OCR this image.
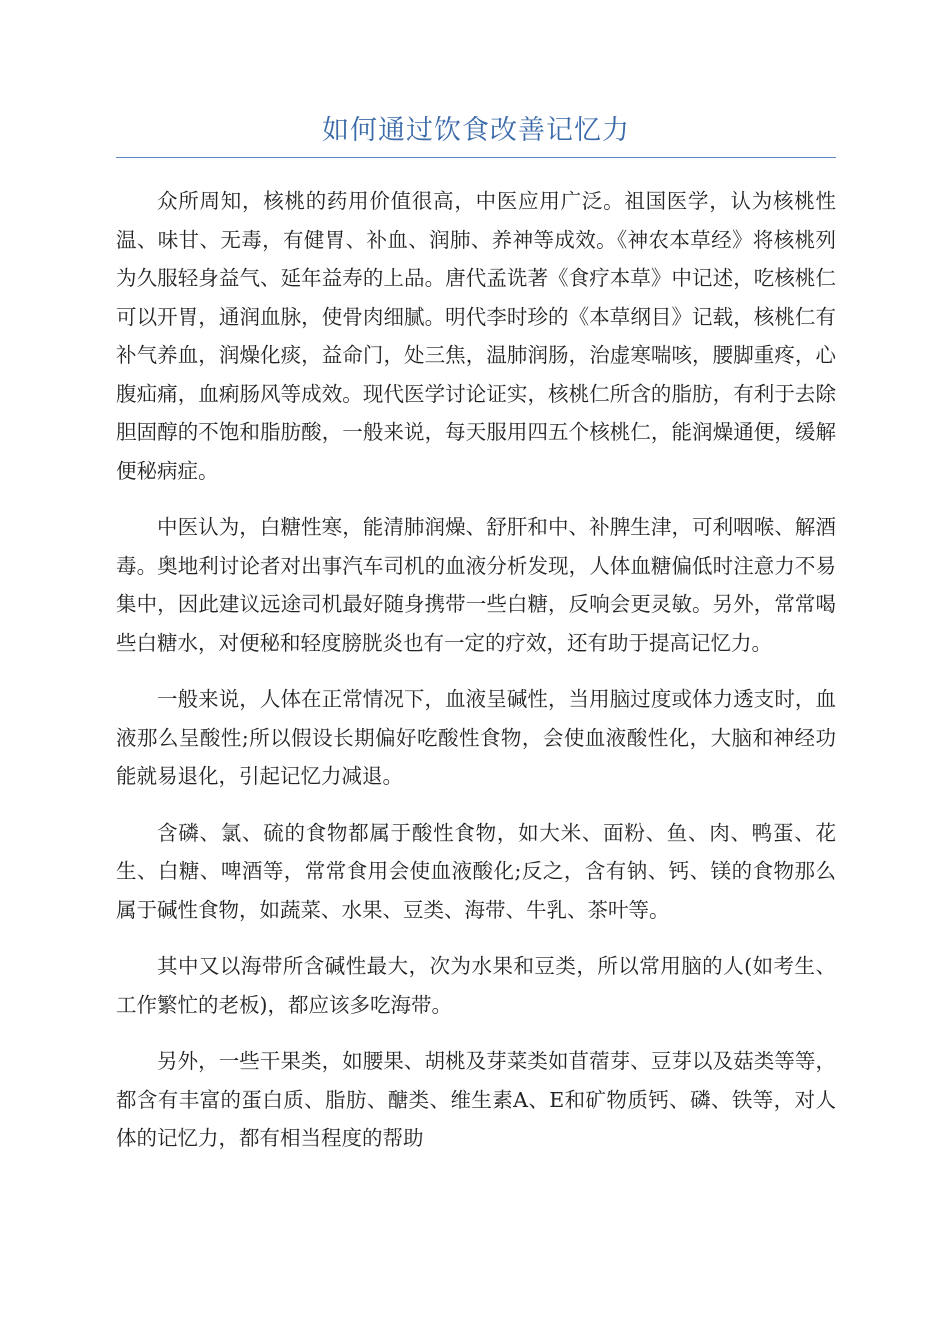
如何通过饮食改善记忆力

众所周知，核桃的药用价值很高，中医应用广泛。祖国医学，认为核桃性温、味甘、无毒，有健胃、补血、润肺、养神等成效。《神农本草经》将核桃列为久服轻身益气、延年益寿的上品。唐代孟诜著《食疗本草》中记述，吃核桃仁可以开胃，通润血脉，使骨肉细腻。明代李时珍的《本草纲目》记载，核桃仁有补气养血，润燥化痰，益命门，处三焦，温肺润肠，治虚寒喘咳，腰脚重疼，心腹疝痛，血痢肠风等成效。现代医学讨论证实，核桃仁所含的脂肪，有利于去除胆固醇的不饱和脂肪酸，一般来说，每天服用四五个核桃仁，能润燥通便，缓解便秘病症。

中医认为，白糖性寒，能清肺润燥、舒肝和中、补脾生津，可利咽喉、解酒毒。奥地利讨论者对出事汽车司机的血液分析发现，人体血糖偏低时注意力不易集中，因此建议远途司机最好随身携带一些白糖，反响会更灵敏。另外，常常喝些白糖水，对便秘和轻度膀胱炎也有一定的疗效，还有助于提高记忆力。

一般来说，人体在正常情况下，血液呈碱性，当用脑过度或体力透支时，血液那么呈酸性;所以假设长期偏好吃酸性食物，会使血液酸性化，大脑和神经功能就易退化，引起记忆力减退。

含磷、氯、硫的食物都属于酸性食物，如大米、面粉、鱼、肉、鸭蛋、花生、白糖、啤酒等，常常食用会使血液酸化;反之，含有钠、钙、镁的食物那么属于碱性食物，如蔬菜、水果、豆类、海带、牛乳、茶叶等。

其中又以海带所含碱性最大，次为水果和豆类，所以常用脑的人(如考生、工作繁忙的老板)，都应该多吃海带。

另外，一些干果类，如腰果、胡桃及芽菜类如苜蓿芽、豆芽以及菇类等等，都含有丰富的蛋白质、脂肪、醣类、维生素A、E和矿物质钙、磷、铁等，对人体的记忆力，都有相当程度的帮助
